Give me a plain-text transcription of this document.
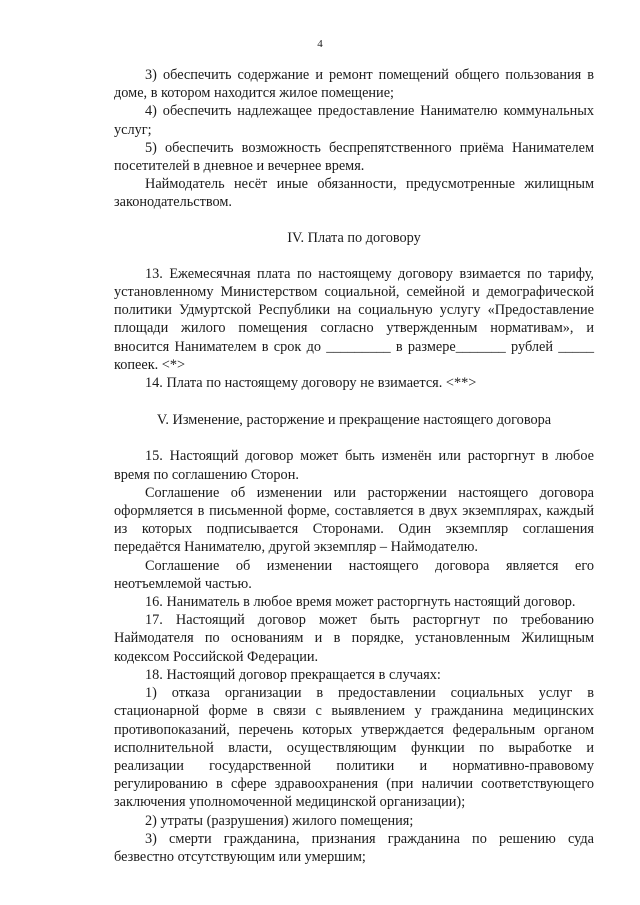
4

3) обеспечить содержание и ремонт помещений общего пользования в доме, в котором находится жилое помещение;

4) обеспечить надлежащее предоставление Нанимателю коммунальных услуг;

5) обеспечить возможность беспрепятственного приёма Нанимателем посетителей в дневное и вечернее время.

Наймодатель несёт иные обязанности, предусмотренные жилищным законодательством.

IV. Плата по договору

13. Ежемесячная плата по настоящему договору взимается по тарифу, установленному Министерством социальной, семейной и демографической политики Удмуртской Республики на социальную услугу «Предоставление площади жилого помещения согласно утвержденным нормативам», и вносится Нанимателем в срок до _________ в размере_______ рублей _____ копеек. <*>

14. Плата по настоящему договору не взимается. <**>

V. Изменение, расторжение и прекращение настоящего договора

15. Настоящий договор может быть изменён или расторгнут в любое время по соглашению Сторон.

Соглашение об изменении или расторжении настоящего договора оформляется в письменной форме, составляется в двух экземплярах, каждый из которых подписывается Сторонами. Один экземпляр соглашения передаётся Нанимателю, другой экземпляр – Наймодателю.

Соглашение об изменении настоящего договора является его неотъемлемой частью.

16. Наниматель в любое время может расторгнуть настоящий договор.

17. Настоящий договор может быть расторгнут по требованию Наймодателя по основаниям и в порядке, установленным Жилищным кодексом Российской Федерации.

18. Настоящий договор прекращается в случаях:

1) отказа организации в предоставлении социальных услуг в стационарной форме в связи с выявлением у гражданина медицинских противопоказаний, перечень которых утверждается федеральным органом исполнительной власти, осуществляющим функции по выработке и реализации государственной политики и нормативно-правовому регулированию в сфере здравоохранения (при наличии соответствующего заключения уполномоченной медицинской организации);

2) утраты (разрушения) жилого помещения;

3) смерти гражданина, признания гражданина по решению суда безвестно отсутствующим или умершим;
